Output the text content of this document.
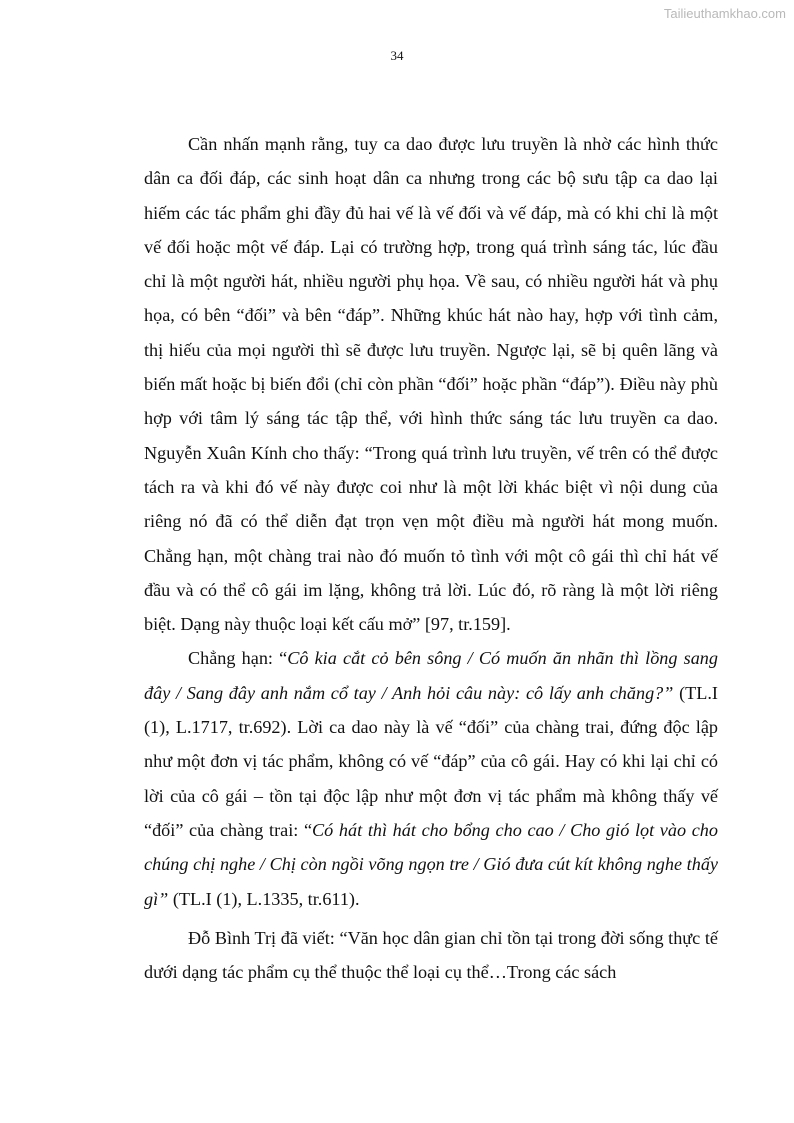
Tailieuthamkhao.com
34

Cần nhấn mạnh rằng, tuy ca dao được lưu truyền là nhờ các hình thức dân ca đối đáp, các sinh hoạt dân ca nhưng trong các bộ sưu tập ca dao lại hiếm các tác phẩm ghi đầy đủ hai vế là vế đối và vế đáp, mà có khi chỉ là một vế đối hoặc một vế đáp. Lại có trường hợp, trong quá trình sáng tác, lúc đầu chỉ là một người hát, nhiều người phụ họa. Về sau, có nhiều người hát và phụ họa, có bên “đối” và bên “đáp”. Những khúc hát nào hay, hợp với tình cảm, thị hiếu của mọi người thì sẽ được lưu truyền. Ngược lại, sẽ bị quên lãng và biến mất hoặc bị biến đổi (chỉ còn phần “đối” hoặc phần “đáp”). Điều này phù hợp với tâm lý sáng tác tập thể, với hình thức sáng tác lưu truyền ca dao. Nguyễn Xuân Kính cho thấy: “Trong quá trình lưu truyền, vế trên có thể được tách ra và khi đó vế này được coi như là một lời khác biệt vì nội dung của riêng nó đã có thể diễn đạt trọn vẹn một điều mà người hát mong muốn. Chẳng hạn, một chàng trai nào đó muốn tỏ tình với một cô gái thì chỉ hát vế đầu và có thể cô gái im lặng, không trả lời. Lúc đó, rõ ràng là một lời riêng biệt. Dạng này thuộc loại kết cấu mở” [97, tr.159].

Chẳng hạn: “Cô kia cắt cỏ bên sông / Có muốn ăn nhãn thì lồng sang đây / Sang đây anh nắm cổ tay / Anh hỏi câu này: cô lấy anh chăng?” (TL.I (1), L.1717, tr.692). Lời ca dao này là vế “đối” của chàng trai, đứng độc lập như một đơn vị tác phẩm, không có vế “đáp” của cô gái. Hay có khi lại chỉ có lời của cô gái – tồn tại độc lập như một đơn vị tác phẩm mà không thấy vế “đối” của chàng trai: “Có hát thì hát cho bổng cho cao / Cho gió lọt vào cho chúng chị nghe / Chị còn ngồi võng ngọn tre / Gió đưa cút kít không nghe thấy gì” (TL.I (1), L.1335, tr.611).

Đỗ Bình Trị đã viết: “Văn học dân gian chỉ tồn tại trong đời sống thực tế dưới dạng tác phẩm cụ thể thuộc thể loại cụ thể…Trong các sách
